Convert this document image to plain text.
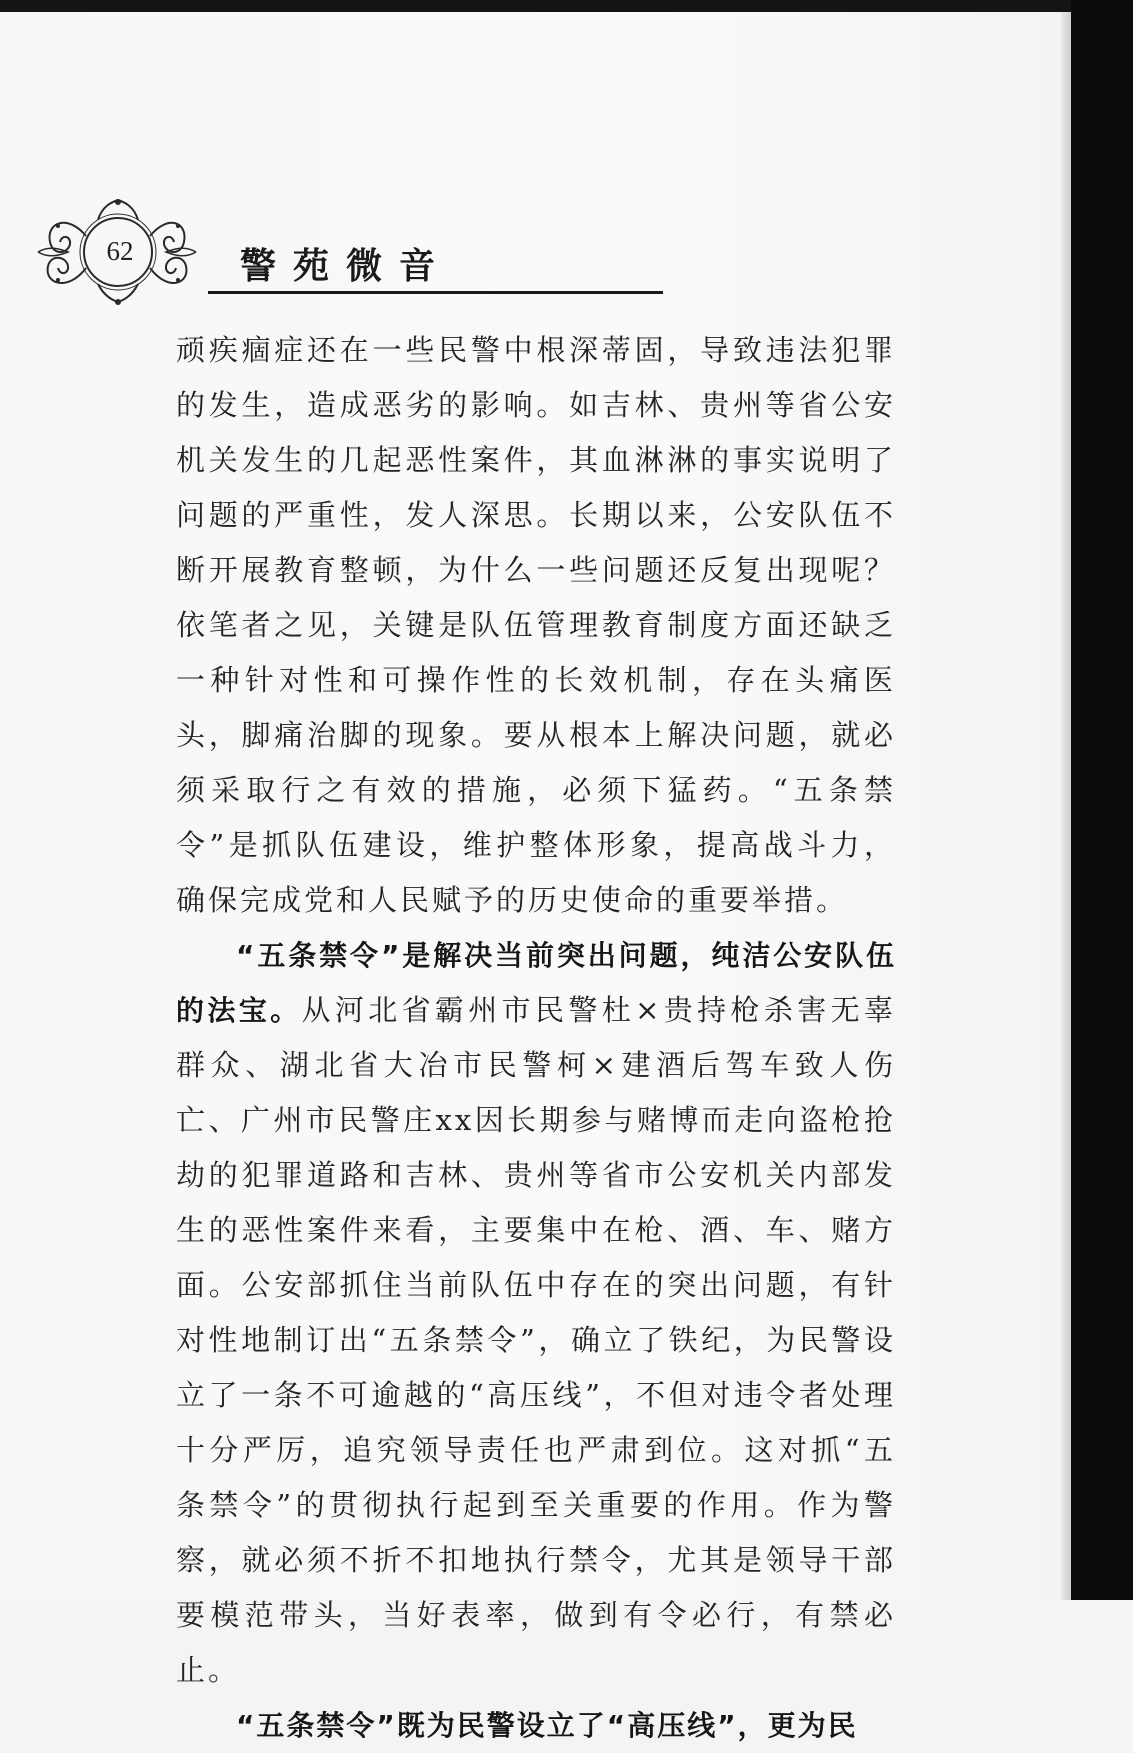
62	警苑微音

顽疾痼症还在一些民警中根深蒂固，导致违法犯罪的发生，造成恶劣的影响。如吉林、贵州等省公安机关发生的几起恶性案件，其血淋淋的事实说明了问题的严重性，发人深思。长期以来，公安队伍不断开展教育整顿，为什么一些问题还反复出现呢？依笔者之见，关键是队伍管理教育制度方面还缺乏一种针对性和可操作性的长效机制，存在头痛医头，脚痛治脚的现象。要从根本上解决问题，就必须采取行之有效的措施，必须下猛药。“五条禁令”是抓队伍建设，维护整体形象，提高战斗力，确保完成党和人民赋予的历史使命的重要举措。

“五条禁令”是解决当前突出问题，纯洁公安队伍的法宝。从河北省霸州市民警杜×贵持枪杀害无辜群众、湖北省大冶市民警柯×建酒后驾车致人伤亡、广州市民警庄xx因长期参与赌博而走向盗枪抢劫的犯罪道路和吉林、贵州等省市公安机关内部发生的恶性案件来看，主要集中在枪、酒、车、赌方面。公安部抓住当前队伍中存在的突出问题，有针对性地制订出“五条禁令”，确立了铁纪，为民警设立了一条不可逾越的“高压线”，不但对违令者处理十分严厉，追究领导责任也严肃到位。这对抓“五条禁令”的贯彻执行起到至关重要的作用。作为警察，就必须不折不扣地执行禁令，尤其是领导干部要模范带头，当好表率，做到有令必行，有禁必止。

“五条禁令”既为民警设立了“高压线”，更为民
